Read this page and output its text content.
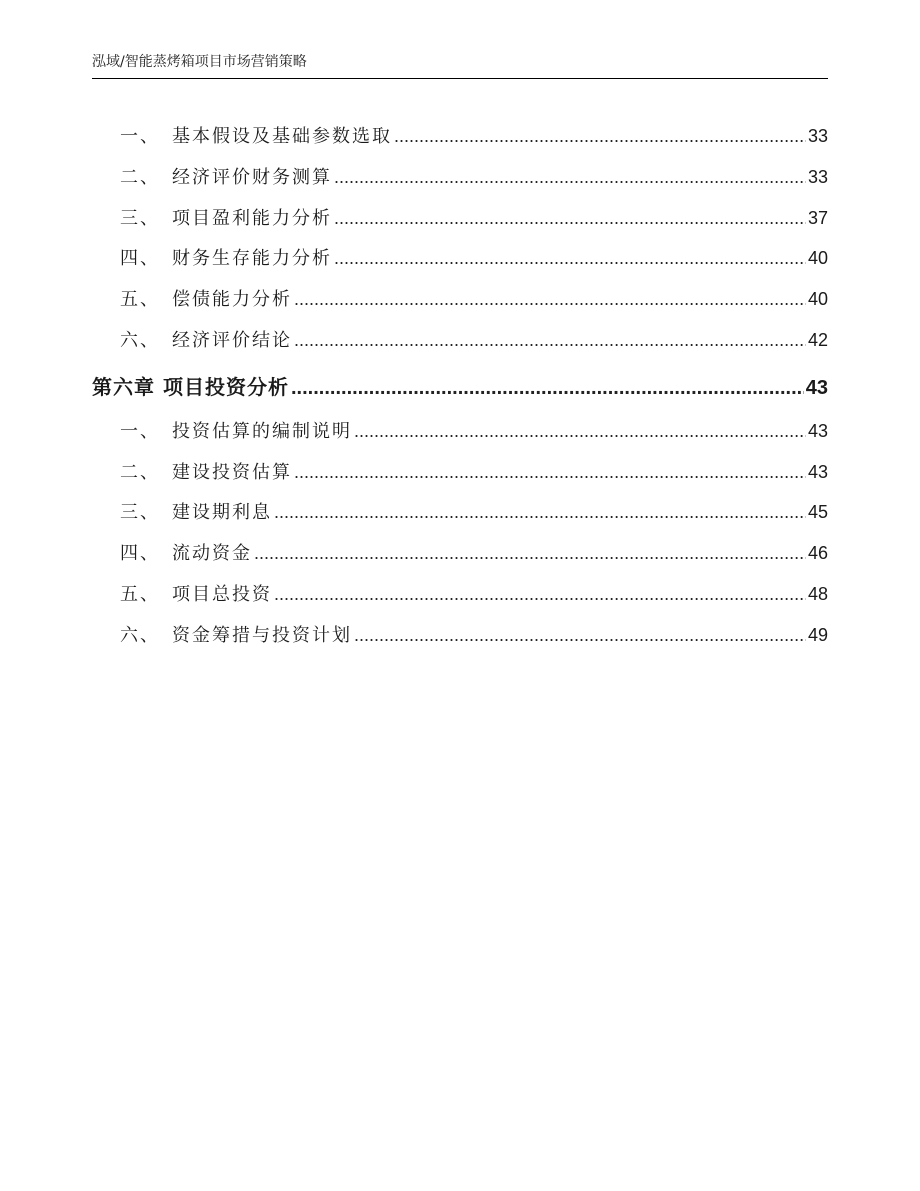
泓域/智能蒸烤箱项目市场营销策略
一、 基本假设及基础参数选取 .....	33
二、 经济评价财务测算 .....	33
三、 项目盈利能力分析 .....	37
四、 财务生存能力分析 .....	40
五、 偿债能力分析 .....	40
六、 经济评价结论 .....	42
第六章 项目投资分析 .....	43
一、 投资估算的编制说明 .....	43
二、 建设投资估算 .....	43
三、 建设期利息 .....	45
四、 流动资金 .....	46
五、 项目总投资 .....	48
六、 资金筹措与投资计划 .....	49
